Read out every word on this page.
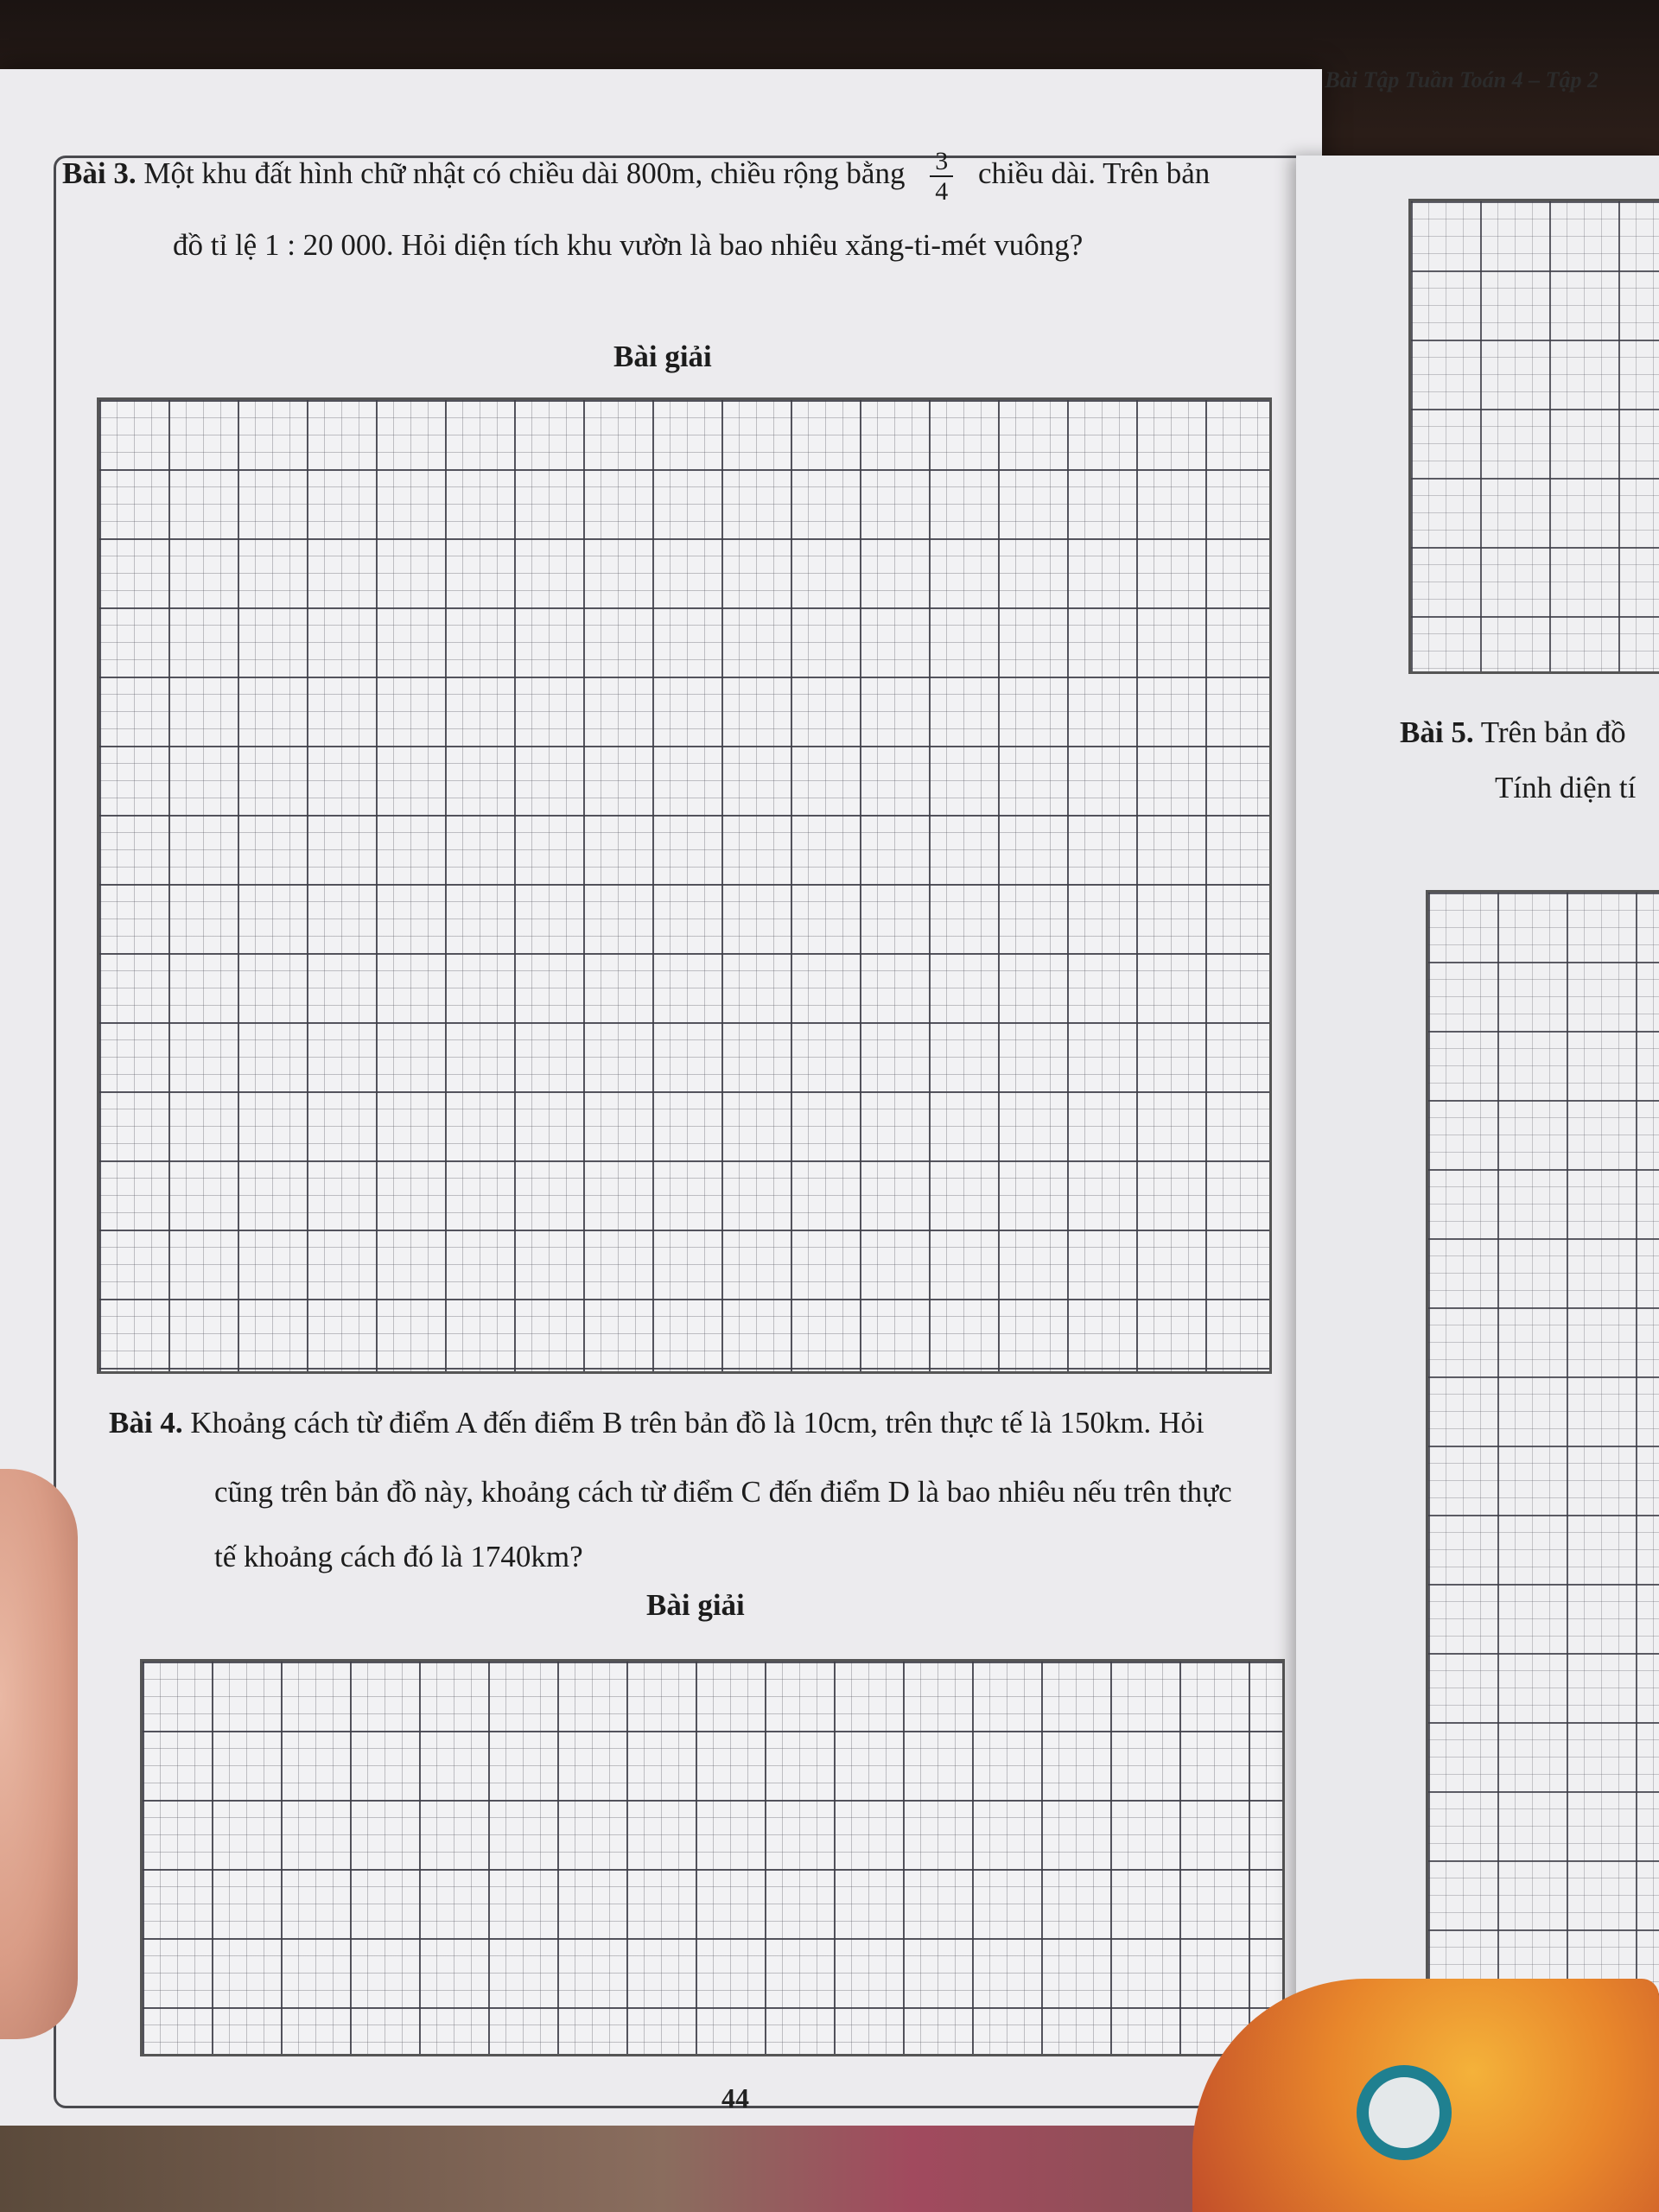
Bài Tập Tuần Toán 4 – Tập 2
Bài 3. Một khu đất hình chữ nhật có chiều dài 800m, chiều rộng bằng $\frac{3}{4}$ chiều dài. Trên bản
đồ tỉ lệ 1 : 20 000. Hỏi diện tích khu vườn là bao nhiêu xăng-ti-mét vuông?
Bài giải
Bài 4. Khoảng cách từ điểm A đến điểm B trên bản đồ là 10cm, trên thực tế là 150km. Hỏi
cũng trên bản đồ này, khoảng cách từ điểm C đến điểm D là bao nhiêu nếu trên thực
tế khoảng cách đó là 1740km?
Bài giải
44
Bài 5. Trên bản đồ
Tính diện tí
